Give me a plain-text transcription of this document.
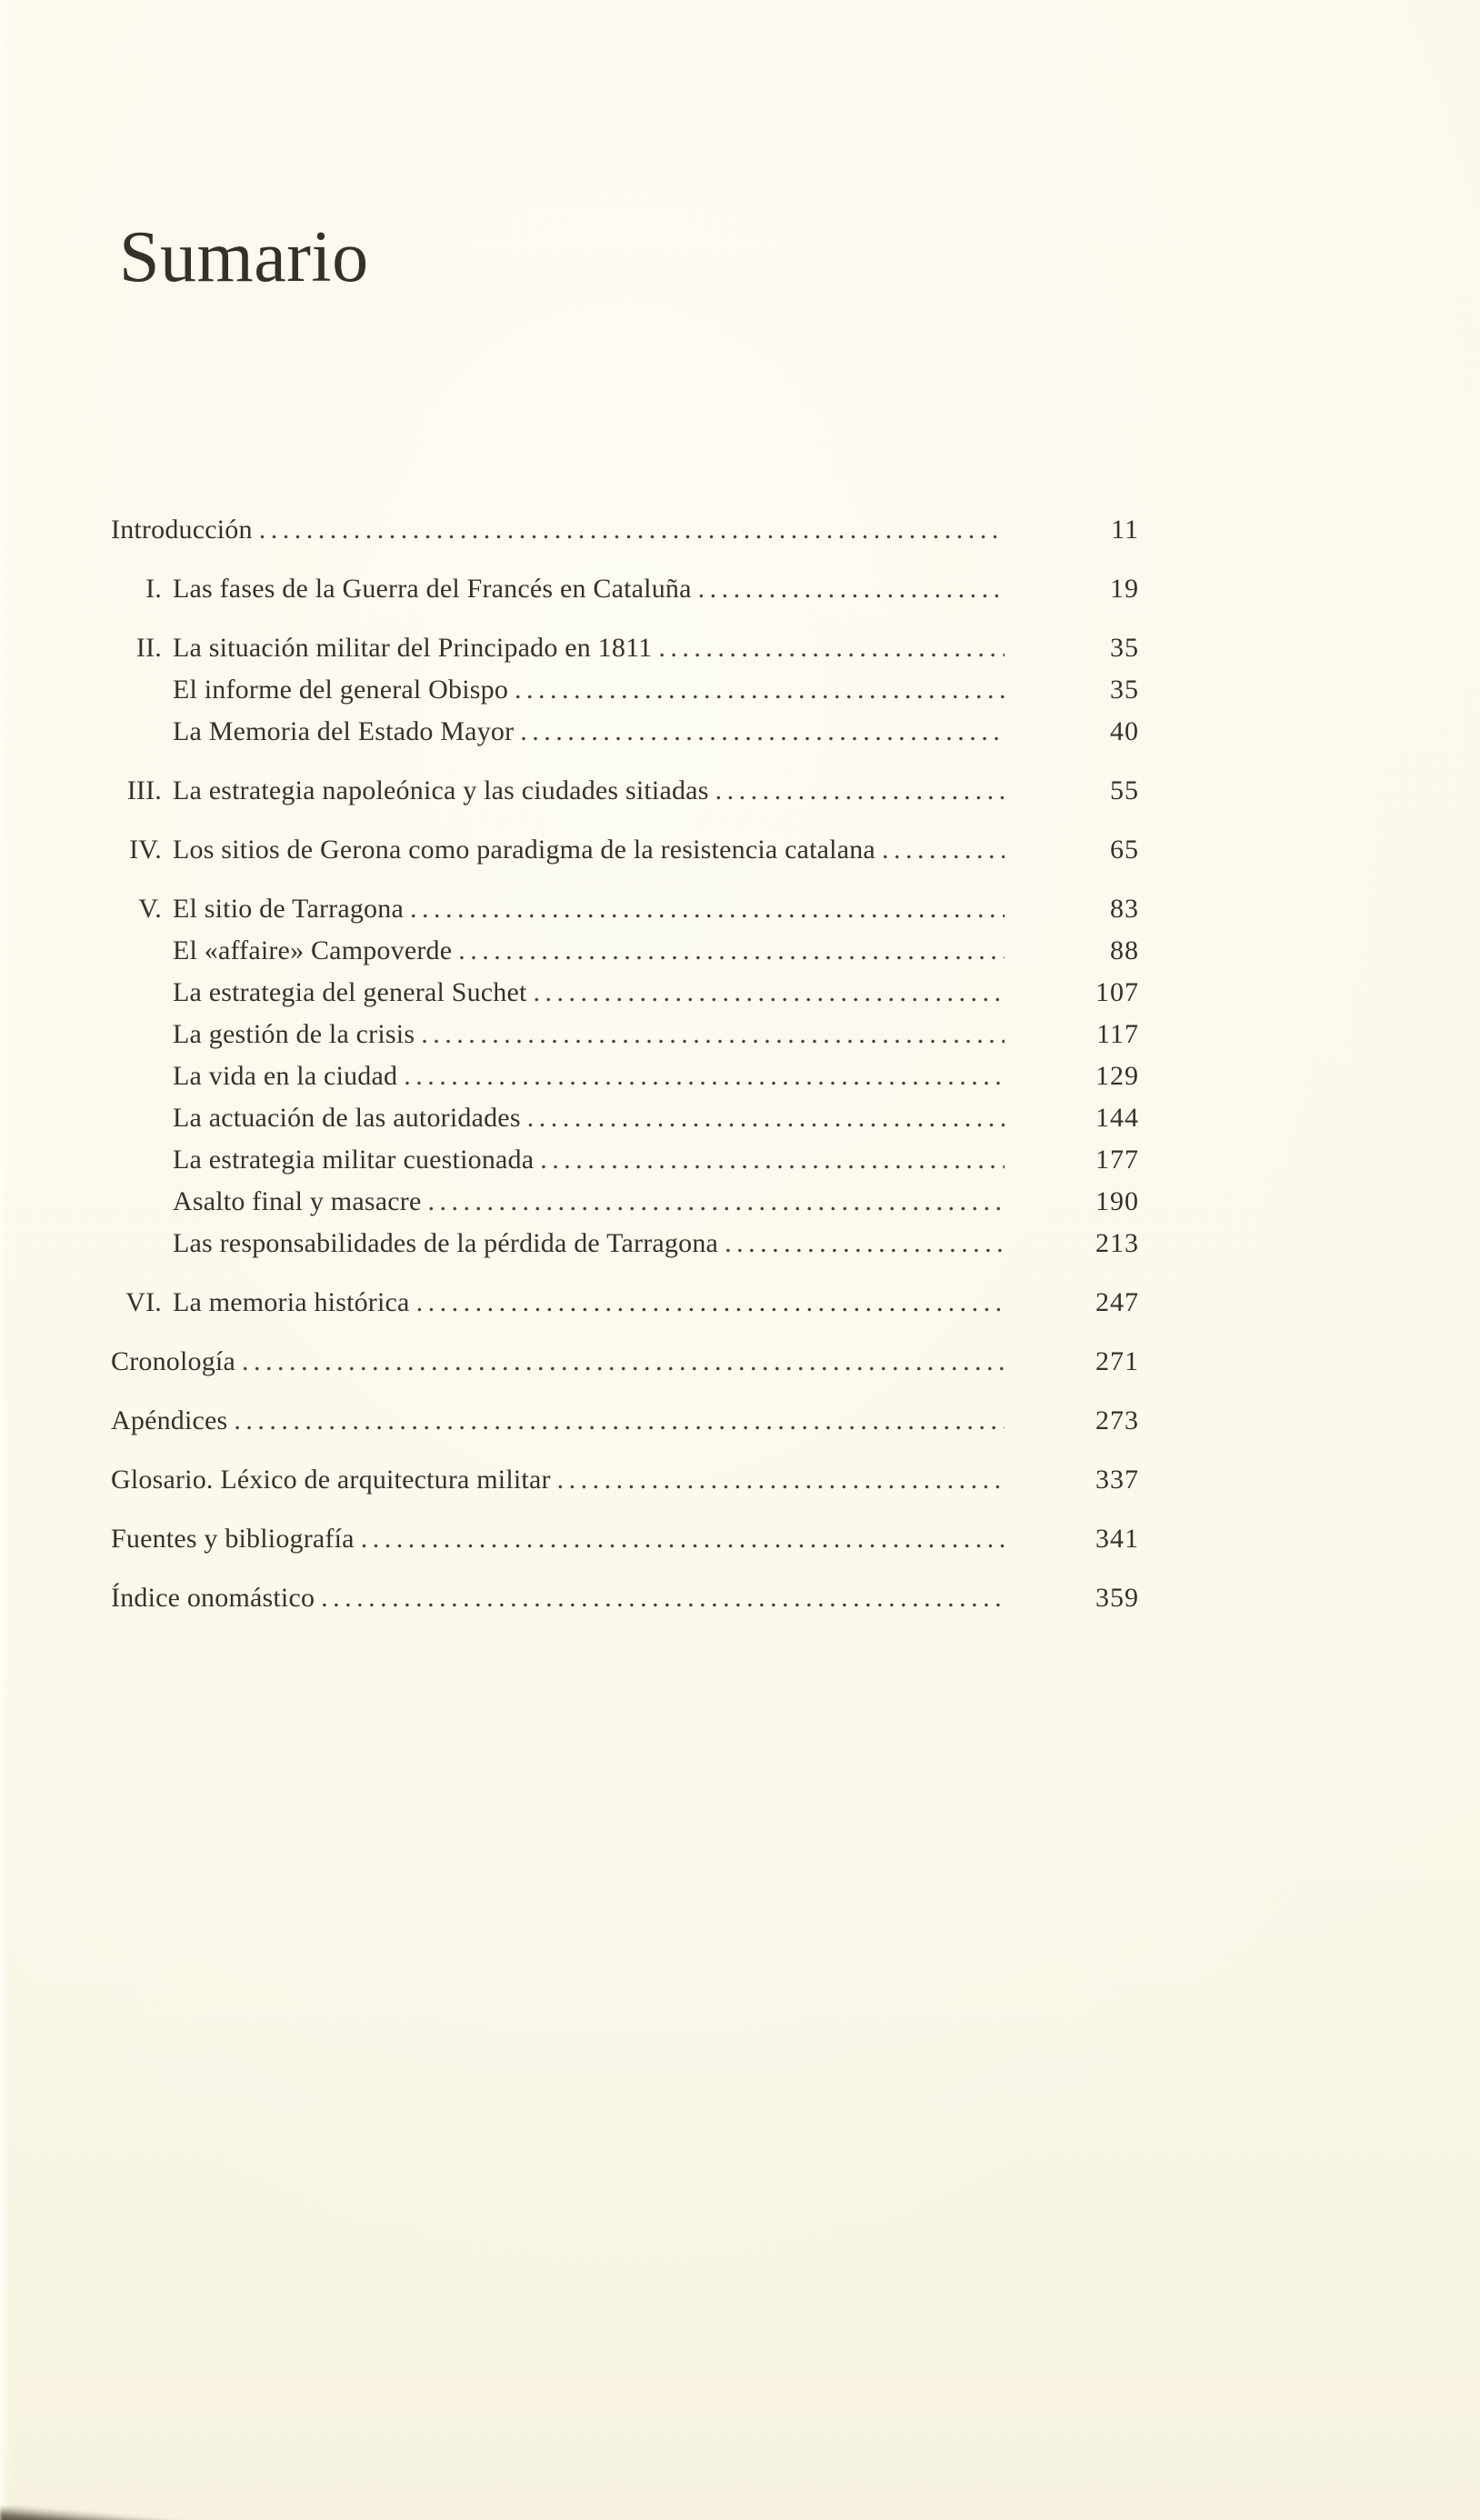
Sumario
Introducción .....	11
I. Las fases de la Guerra del Francés en Cataluña .....	19
II. La situación militar del Principado en 1811 .....	35
El informe del general Obispo .....	35
La Memoria del Estado Mayor .....	40
III. La estrategia napoleónica y las ciudades sitiadas .....	55
IV. Los sitios de Gerona como paradigma de la resistencia catalana .....	65
V. El sitio de Tarragona .....	83
El «affaire» Campoverde .....	88
La estrategia del general Suchet .....	107
La gestión de la crisis .....	117
La vida en la ciudad .....	129
La actuación de las autoridades .....	144
La estrategia militar cuestionada .....	177
Asalto final y masacre .....	190
Las responsabilidades de la pérdida de Tarragona .....	213
VI. La memoria histórica .....	247
Cronología .....	271
Apéndices .....	273
Glosario. Léxico de arquitectura militar .....	337
Fuentes y bibliografía .....	341
Índice onomástico .....	359
